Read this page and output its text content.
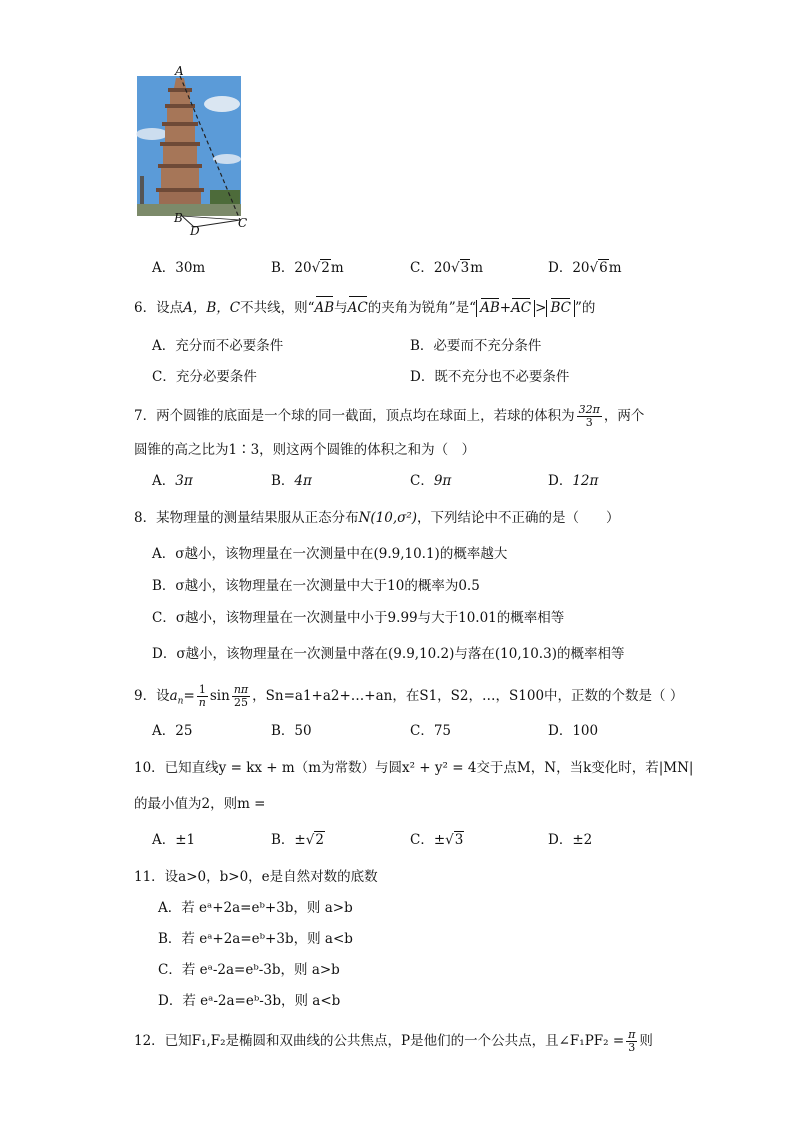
A
B
D
C
A．30m	B．20√2m	C．20√3m	D．20√6m
6．设点A，B，C不共线，则“AB与AC的夹角为锐角”是“ AB+AC > BC ”的
A．充分而不必要条件	B．必要而不充分条件
C．充分必要条件	D．既不充分也不必要条件
7．两个圆锥的底面是一个球的同一截面，顶点均在球面上，若球的体积为 $\frac{32\pi}{3}$ ，两个
圆锥的高之比为1∶3，则这两个圆锥的体积之和为（　）
A．3π	B．4π	C．9π	D．12π
8．某物理量的测量结果服从正态分布N(10,σ²)，下列结论中不正确的是（　　）
A．σ越小，该物理量在一次测量中在(9.9,10.1)的概率越大
B．σ越小，该物理量在一次测量中大于10的概率为0.5
C．σ越小，该物理量在一次测量中小于9.99与大于10.01的概率相等
D．σ越小，该物理量在一次测量中落在(9.9,10.2)与落在(10,10.3)的概率相等
9．设$a_n= \frac{1}{n}$ $\sin \frac{n\pi}{25}$ ，Sn=a1+a2+…+an，在S1，S2，…，S100中，正数的个数是（ ）
A．25	B．50	C．75	D．100
10．已知直线y = kx + m（m为常数）与圆x² + y² = 4交于点M，N，当k变化时，若|MN|
的最小值为2，则m =
A．±1	B．±√2	C．±√3	D．±2
11．设a>0，b>0，e是自然对数的底数
A．若 eᵃ+2a=eᵇ+3b，则 a>b
B．若 eᵃ+2a=eᵇ+3b，则 a<b
C．若 eᵃ-2a=eᵇ-3b，则 a>b
D．若 eᵃ-2a=eᵇ-3b，则 a<b
12．已知F₁,F₂是椭圆和双曲线的公共焦点，P是他们的一个公共点，且∠F₁PF₂ = $\frac{\pi}{3}$ 则
